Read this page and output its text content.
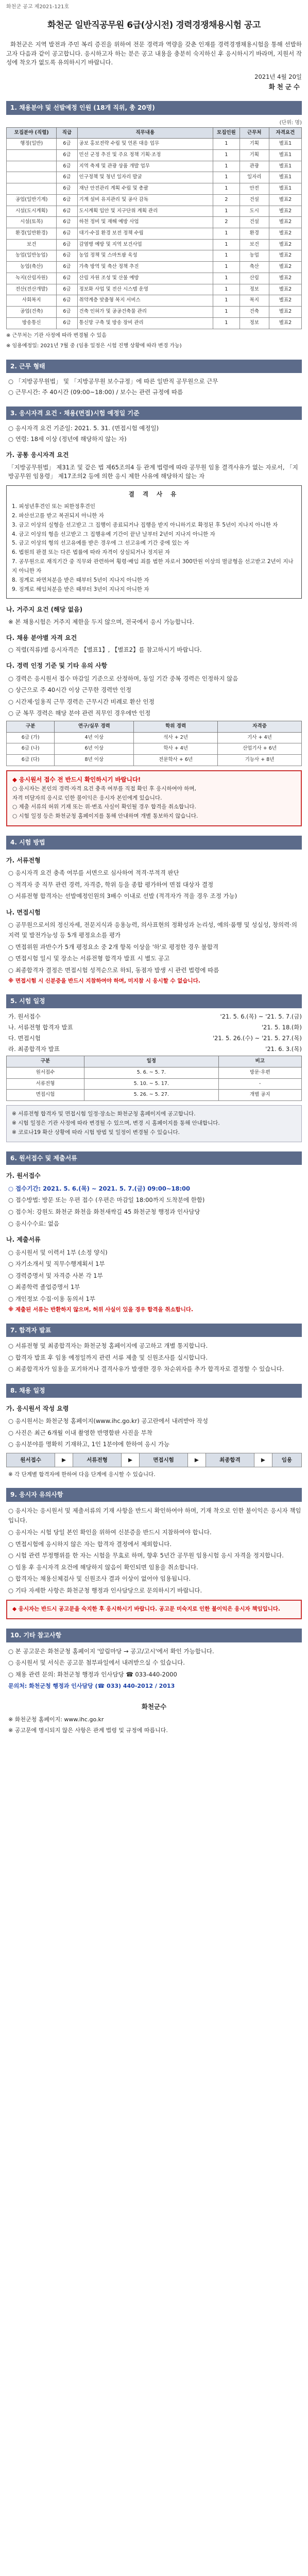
화천군 공고 제2021-121호
화천군 일반직공무원 6급(상시전) 경력경쟁채용시험 공고
화천군은 지역 발전과 주민 복리 증진을 위하여 전문 경력과 역량을 갖춘 인재를 경력경쟁채용시험을 통해 선발하고자 다음과 같이 공고합니다. 응시하고자 하는 분은 공고 내용을 충분히 숙지하신 후 응시하시기 바라며, 지원서 작성에 착오가 없도록 유의하시기 바랍니다.
2021년 4월 20일
화천군수
1. 채용분야 및 선발예정 인원 (18개 직위, 총 20명)
(단위: 명)
모집분야 (직렬)	직급	직무내용	모집인원	근무처	자격요건
행정(일반)	6급	공보 홍보전략 수립 및 언론 대응 업무	1	기획	별표1
	6급	민선 군정 추진 및 주요 정책 기획·조정	1	기획	별표1
	6급	지역 축제 및 관광 상품 개발 업무	1	관광	별표1
	6급	인구정책 및 청년 일자리 발굴	1	일자리	별표1
	6급	재난 안전관리 계획 수립 및 총괄	1	안전	별표1
공업(일반기계)	6급	기계 설비 유지관리 및 공사 감독	2	건설	별표2
시설(도시계획)	6급	도시계획 입안 및 지구단위 계획 관리	1	도시	별표2
시설(토목)	6급	하천 정비 및 재해 예방 사업	2	건설	별표2
환경(일반환경)	6급	대기·수질 환경 보전 정책 수립	1	환경	별표2
보건	6급	감염병 예방 및 지역 보건사업	1	보건	별표2
농업(일반농업)	6급	농업 정책 및 스마트팜 육성	1	농업	별표2
농업(축산)	6급	가축 방역 및 축산 정책 추진	1	축산	별표2
녹지(산림자원)	6급	산림 자원 조성 및 산불 예방	1	산림	별표2
전산(전산개발)	6급	정보화 사업 및 전산 시스템 운영	1	정보	별표2
사회복지	6급	취약계층 맞춤형 복지 서비스	1	복지	별표2
공업(건축)	6급	건축 인허가 및 공공건축물 관리	1	건축	별표2
방송통신	6급	통신망 구축 및 방송 장비 관리	1	정보	별표2
※ 근무처는 기관 사정에 따라 변경될 수 있음
※ 임용예정일: 2021년 7월 중 (임용 일정은 시험 진행 상황에 따라 변경 가능)
2. 근무 형태
○ 「지방공무원법」 및 「지방공무원 보수규정」에 따른 일반직 공무원으로 근무
○ 근무시간: 주 40시간 (09:00~18:00) / 보수는 관련 규정에 따름
3. 응시자격 요건 · 채용(면접)시험 예정일 기준
○ 응시자격 요건 기준일: 2021. 5. 31. (면접시험 예정일)
○ 연령: 18세 이상 (정년에 해당하지 않는 자)
가. 공통 응시자격 요건
「지방공무원법」 제31조 및 같은 법 제65조의4 등 관계 법령에 따라 공무원 임용 결격사유가 없는 자로서, 「지방공무원 임용령」 제17조의2 등에 의한 응시 제한 사유에 해당하지 않는 자
결 격 사 유
1. 피성년후견인 또는 피한정후견인
2. 파산선고를 받고 복권되지 아니한 자
3. 금고 이상의 실형을 선고받고 그 집행이 종료되거나 집행을 받지 아니하기로 확정된 후 5년이 지나지 아니한 자
4. 금고 이상의 형을 선고받고 그 집행유예 기간이 끝난 날부터 2년이 지나지 아니한 자
5. 금고 이상의 형의 선고유예를 받은 경우에 그 선고유예 기간 중에 있는 자
6. 법원의 판결 또는 다른 법률에 따라 자격이 상실되거나 정지된 자
7. 공무원으로 재직기간 중 직무와 관련하여 횡령·배임 죄를 범한 자로서 300만원 이상의 벌금형을 선고받고 2년이 지나지 아니한 자
8. 징계로 파면처분을 받은 때부터 5년이 지나지 아니한 자
9. 징계로 해임처분을 받은 때부터 3년이 지나지 아니한 자
나. 거주지 요건 (해당 없음)
※ 본 채용시험은 거주지 제한을 두지 않으며, 전국에서 응시 가능합니다.
다. 채용 분야별 자격 요건
○ 직렬(직류)별 응시자격은 【별표1】, 【별표2】를 참고하시기 바랍니다.
다. 경력 인정 기준 및 기타 유의 사항
○ 경력은 응시원서 접수 마감일 기준으로 산정하며, 동일 기간 중복 경력은 인정하지 않음
○ 상근으로 주 40시간 이상 근무한 경력만 인정
○ 시간제·일용직 근무 경력은 근무시간 비례로 환산 인정
○ 군 복무 경력은 해당 분야 관련 직무인 경우에만 인정
구분	연구/실무 경력	학위 경력	자격증
6급 (가)	4년 이상	석사 + 2년	기사 + 4년
6급 (나)	6년 이상	학사 + 4년	산업기사 + 6년
6급 (다)	8년 이상	전문학사 + 6년	기능사 + 8년
◆ 응시원서 접수 전 반드시 확인하시기 바랍니다!
○ 응시자는 본인의 경력·자격 요건 충족 여부를 직접 확인 후 응시하여야 하며,
자격 미달자의 응시로 인한 불이익은 응시자 본인에게 있습니다.
○ 제출 서류의 허위 기재 또는 위·변조 사실이 확인될 경우 합격을 취소합니다.
○ 시험 일정 등은 화천군청 홈페이지를 통해 안내하며 개별 통보하지 않습니다.
4. 시험 방법
가. 서류전형
○ 응시자격 요건 충족 여부를 서면으로 심사하여 적격·부적격 판단
○ 적격자 중 직무 관련 경력, 자격증, 학위 등을 종합 평가하여 면접 대상자 결정
○ 서류전형 합격자는 선발예정인원의 3배수 이내로 선발 (적격자가 적을 경우 조정 가능)
나. 면접시험
○ 공무원으로서의 정신자세, 전문지식과 응용능력, 의사표현의 정확성과 논리성, 예의·품행 및 성실성, 창의력·의지력 및 발전가능성 등 5개 평정요소를 평가
○ 면접위원 과반수가 5개 평정요소 중 2개 항목 이상을 '하'로 평정한 경우 불합격
○ 면접시험 일시 및 장소는 서류전형 합격자 발표 시 별도 공고
○ 최종합격자 결정은 면접시험 성적순으로 하되, 동점자 발생 시 관련 법령에 따름
※ 면접시험 시 신분증을 반드시 지참하여야 하며, 미지참 시 응시할 수 없습니다.
5. 시험 일정
가. 원서접수	'21. 5. 6.(목) ~ '21. 5. 7.(금)
나. 서류전형 합격자 발표	'21. 5. 18.(화)
다. 면접시험	'21. 5. 26.(수) ~ '21. 5. 27.(목)
라. 최종합격자 발표	'21. 6. 3.(목)
구분	일정	비고
원서접수	5. 6. ~ 5. 7.	방문·우편
서류전형	5. 10. ~ 5. 17.	-
면접시험	5. 26. ~ 5. 27.	개별 공지
※ 서류전형 합격자 및 면접시험 일정·장소는 화천군청 홈페이지에 공고합니다.
※ 시험 일정은 기관 사정에 따라 변경될 수 있으며, 변경 시 홈페이지를 통해 안내합니다.
※ 코로나19 확산 상황에 따라 시험 방법 및 일정이 변경될 수 있습니다.
6. 원서접수 및 제출서류
가. 원서접수
○ 접수기간: 2021. 5. 6.(목) ~ 2021. 5. 7.(금) 09:00~18:00
○ 접수방법: 방문 또는 우편 접수 (우편은 마감일 18:00까지 도착분에 한함)
○ 접수처: 강원도 화천군 화천읍 화천새싹길 45 화천군청 행정과 인사담당
○ 응시수수료: 없음
나. 제출서류
○ 응시원서 및 이력서 1부 (소정 양식)
○ 자기소개서 및 직무수행계획서 1부
○ 경력증명서 및 자격증 사본 각 1부
○ 최종학력 졸업증명서 1부
○ 개인정보 수집·이용 동의서 1부
※ 제출된 서류는 반환하지 않으며, 허위 사실이 있을 경우 합격을 취소합니다.
7. 합격자 발표
○ 서류전형 및 최종합격자는 화천군청 홈페이지에 공고하고 개별 통지합니다.
○ 합격자 발표 후 임용 예정일까지 관련 서류 제출 및 신원조사를 실시합니다.
○ 최종합격자가 임용을 포기하거나 결격사유가 발생한 경우 차순위자를 추가 합격자로 결정할 수 있습니다.
8. 채용 일정
가. 응시원서 작성 요령
○ 응시원서는 화천군청 홈페이지(www.ihc.go.kr) 공고란에서 내려받아 작성
○ 사진은 최근 6개월 이내 촬영한 반명함판 사진을 부착
○ 응시분야를 명확히 기재하고, 1인 1분야에 한하여 응시 가능
원서접수	▶	서류전형	▶	면접시험	▶	최종합격	▶	임용
※ 각 단계별 합격자에 한하여 다음 단계에 응시할 수 있습니다.
9. 응시자 유의사항
○ 응시자는 응시원서 및 제출서류의 기재 사항을 반드시 확인하여야 하며, 기재 착오로 인한 불이익은 응시자 책임입니다.
○ 응시자는 시험 당일 본인 확인을 위하여 신분증을 반드시 지참하여야 합니다.
○ 면접시험에 응시하지 않은 자는 합격자 결정에서 제외합니다.
○ 시험 관련 부정행위를 한 자는 시험을 무효로 하며, 향후 5년간 공무원 임용시험 응시 자격을 정지합니다.
○ 임용 후 응시자격 요건에 해당하지 않음이 확인되면 임용을 취소합니다.
○ 합격자는 채용신체검사 및 신원조사 결과 이상이 없어야 임용됩니다.
○ 기타 자세한 사항은 화천군청 행정과 인사담당으로 문의하시기 바랍니다.
◆ 응시자는 반드시 공고문을 숙지한 후 응시하시기 바랍니다. 공고문 미숙지로 인한 불이익은 응시자 책임입니다.
10. 기타 참고사항
○ 본 공고문은 화천군청 홈페이지 '알림마당 → 공고/고시'에서 확인 가능합니다.
○ 응시원서 및 서식은 공고문 첨부파일에서 내려받으실 수 있습니다.
○ 채용 관련 문의: 화천군청 행정과 인사담당 ☎ 033-440-2000
문의처: 화천군청 행정과 인사담당 (☎ 033) 440-2012 / 2013
화천군수
※ 화천군청 홈페이지: www.ihc.go.kr
※ 공고문에 명시되지 않은 사항은 관계 법령 및 규정에 따릅니다.
